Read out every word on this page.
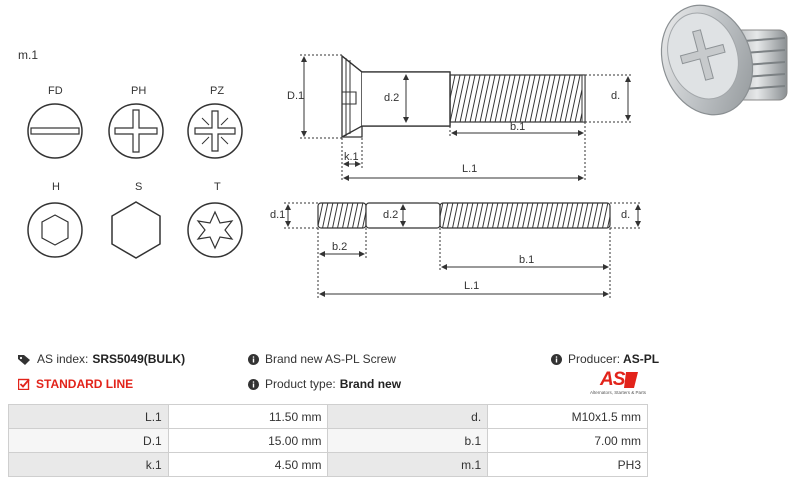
m.1
FD	PH	PZ
H	S	T
D.1	d.2	d.
b.1
k.1
L.1
d.1	d.2	d.
b.2
b.1
L.1
AS index: SRS5049(BULK)	Brand new AS-PL Screw	Producer: AS-PL
STANDARD LINE	Product type: Brand new	AS
Alternators, Starters & Parts
L.1	11.50 mm	d.	M10x1.5 mm
D.1	15.00 mm	b.1	7.00 mm
k.1	4.50 mm	m.1	PH3
